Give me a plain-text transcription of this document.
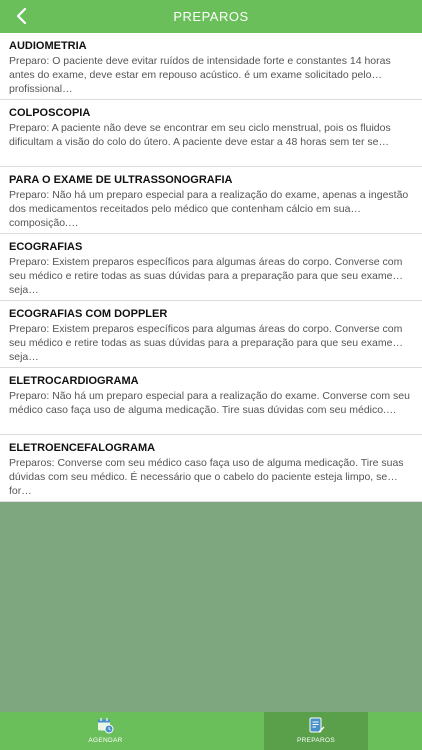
PREPAROS
AUDIOMETRIA
Preparo: O paciente deve evitar ruídos de intensidade forte e constantes 14 horas antes do exame, deve estar em repouso acústico. é um exame solicitado pelo profissional…
COLPOSCOPIA
Preparo: A paciente não deve se encontrar em seu ciclo menstrual, pois os fluidos dificultam a visão do colo do útero. A paciente deve estar a 48 horas sem ter se…
PARA O EXAME DE ULTRASSONOGRAFIA
Preparo: Não há um preparo especial para a realização do exame, apenas a ingestão dos medicamentos receitados pelo médico que contenham cálcio em sua composição.…
ECOGRAFIAS
Preparo: Existem preparos específicos para algumas áreas do corpo. Converse com seu médico e retire todas as suas dúvidas para a preparação para que seu exame seja…
ECOGRAFIAS COM DOPPLER
Preparo: Existem preparos específicos para algumas áreas do corpo. Converse com seu médico e retire todas as suas dúvidas para a preparação para que seu exame seja…
ELETROCARDIOGRAMA
Preparo: Não há um preparo especial para a realização do exame. Converse com seu médico caso faça uso de alguma medicação. Tire suas dúvidas com seu médico.…
ELETROENCEFALOGRAMA
Preparos: Converse com seu médico caso faça uso de alguma medicação. Tire suas dúvidas com seu médico. É necessário que o cabelo do paciente esteja limpo, se for…
AGENDAR	PREPAROS
